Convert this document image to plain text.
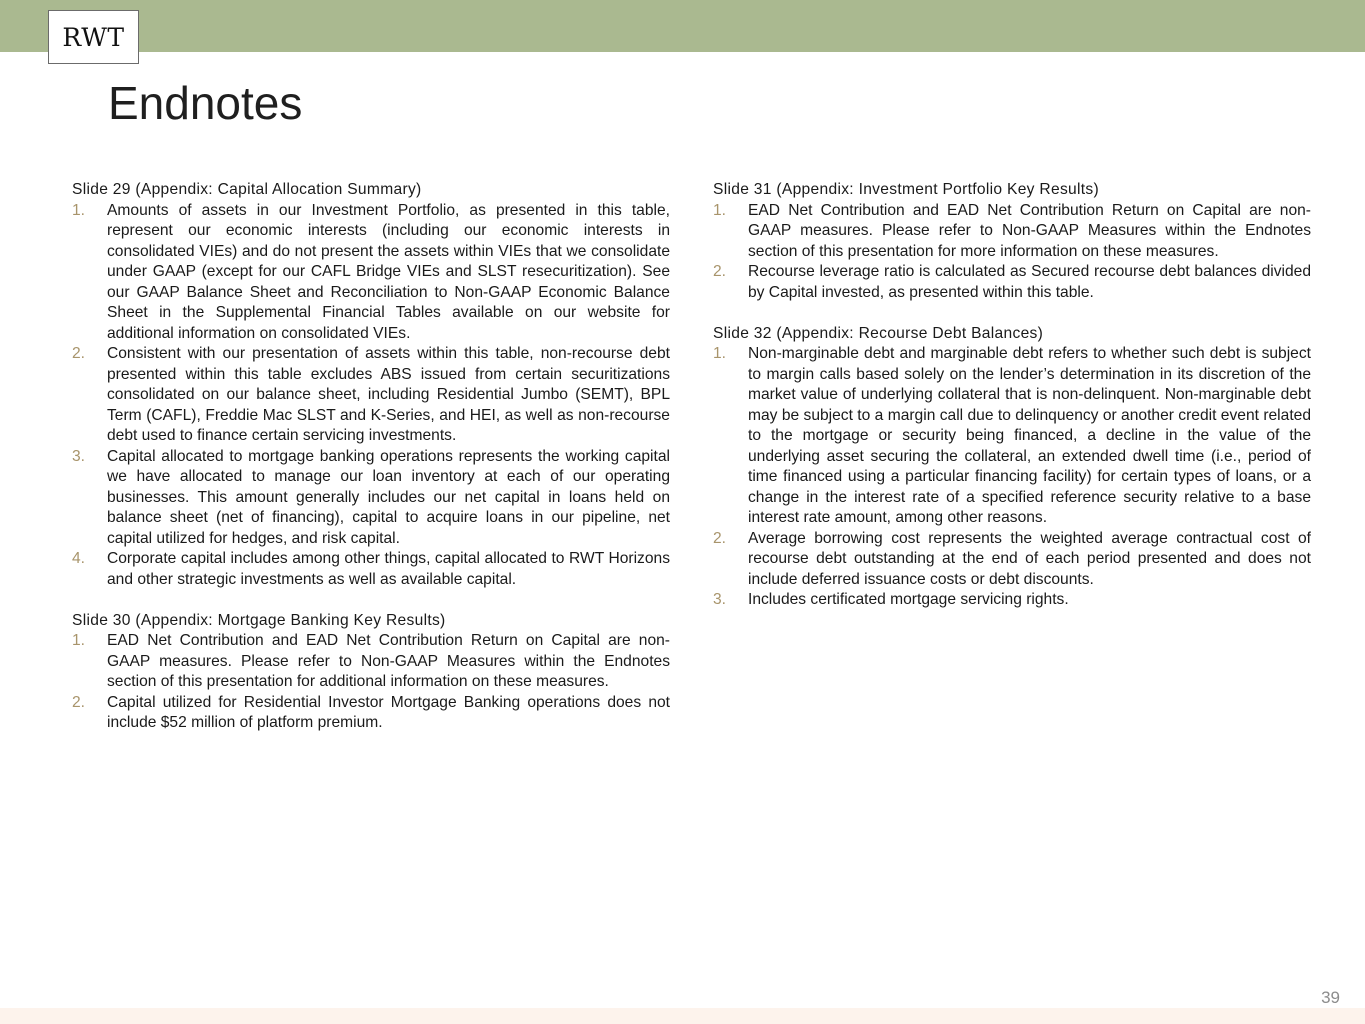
RWT
Endnotes
Slide 29 (Appendix: Capital Allocation Summary)
1.	Amounts of assets in our Investment Portfolio, as presented in this table, represent our economic interests (including our economic interests in consolidated VIEs) and do not present the assets within VIEs that we consolidate under GAAP (except for our CAFL Bridge VIEs and SLST resecuritization). See our GAAP Balance Sheet and Reconciliation to Non-GAAP Economic Balance Sheet in the Supplemental Financial Tables available on our website for additional information on consolidated VIEs.
2.	Consistent with our presentation of assets within this table, non-recourse debt presented within this table excludes ABS issued from certain securitizations consolidated on our balance sheet, including Residential Jumbo (SEMT), BPL Term (CAFL), Freddie Mac SLST and K-Series, and HEI, as well as non-recourse debt used to finance certain servicing investments.
3.	Capital allocated to mortgage banking operations represents the working capital we have allocated to manage our loan inventory at each of our operating businesses. This amount generally includes our net capital in loans held on balance sheet (net of financing), capital to acquire loans in our pipeline, net capital utilized for hedges, and risk capital.
4.	Corporate capital includes among other things, capital allocated to RWT Horizons and other strategic investments as well as available capital.
Slide 30 (Appendix: Mortgage Banking Key Results)
1.	EAD Net Contribution and EAD Net Contribution Return on Capital are non-GAAP measures. Please refer to Non-GAAP Measures within the Endnotes section of this presentation for additional information on these measures.
2.	Capital utilized for Residential Investor Mortgage Banking operations does not include $52 million of platform premium.
Slide 31 (Appendix: Investment Portfolio Key Results)
1.	EAD Net Contribution and EAD Net Contribution Return on Capital are non-GAAP measures. Please refer to Non-GAAP Measures within the Endnotes section of this presentation for more information on these measures.
2.	Recourse leverage ratio is calculated as Secured recourse debt balances divided by Capital invested, as presented within this table.
Slide 32 (Appendix: Recourse Debt Balances)
1.	Non-marginable debt and marginable debt refers to whether such debt is subject to margin calls based solely on the lender’s determination in its discretion of the market value of underlying collateral that is non-delinquent. Non-marginable debt may be subject to a margin call due to delinquency or another credit event related to the mortgage or security being financed, a decline in the value of the underlying asset securing the collateral, an extended dwell time (i.e., period of time financed using a particular financing facility) for certain types of loans, or a change in the interest rate of a specified reference security relative to a base interest rate amount, among other reasons.
2.	Average borrowing cost represents the weighted average contractual cost of recourse debt outstanding at the end of each period presented and does not include deferred issuance costs or debt discounts.
3.	Includes certificated mortgage servicing rights.
39
